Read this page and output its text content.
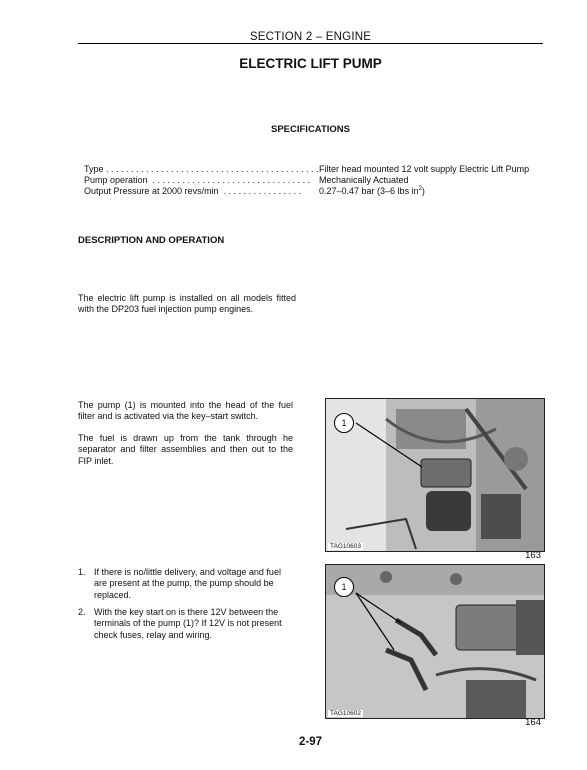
SECTION 2 – ENGINE
ELECTRIC LIFT PUMP
SPECIFICATIONS
Type . . . . . . . . . . . . . . . . . . . . . . . . . . . . . . . . . . . . . . . . . . . Filter head mounted 12 volt supply Electric Lift Pump
Pump operation  . . . . . . . . . . . . . . . . . . . . . . . . . . . . . . . . Mechanically Actuated
Output Pressure at 2000 revs/min  . . . . . . . . . . . . . . . . 0.27–0.47 bar (3–6 lbs $in^2$)
DESCRIPTION AND OPERATION
The electric lift pump is installed on all models fitted with the DP203 fuel injection pump engines.
The pump (1) is mounted into the head of the fuel filter and is activated via the key–start switch.
The fuel is drawn up from the tank through he separator and filter assemblies and then out to the FIP inlet.
1. If there is no/little delivery, and voltage and fuel are present at the pump, the pump should be replaced.
2. With the key start on is there 12V between the terminals of the pump (1)? If 12V is not present check fuses, relay and wiring.
1
TAG10603
163
1
TAG10602
164
2-97
